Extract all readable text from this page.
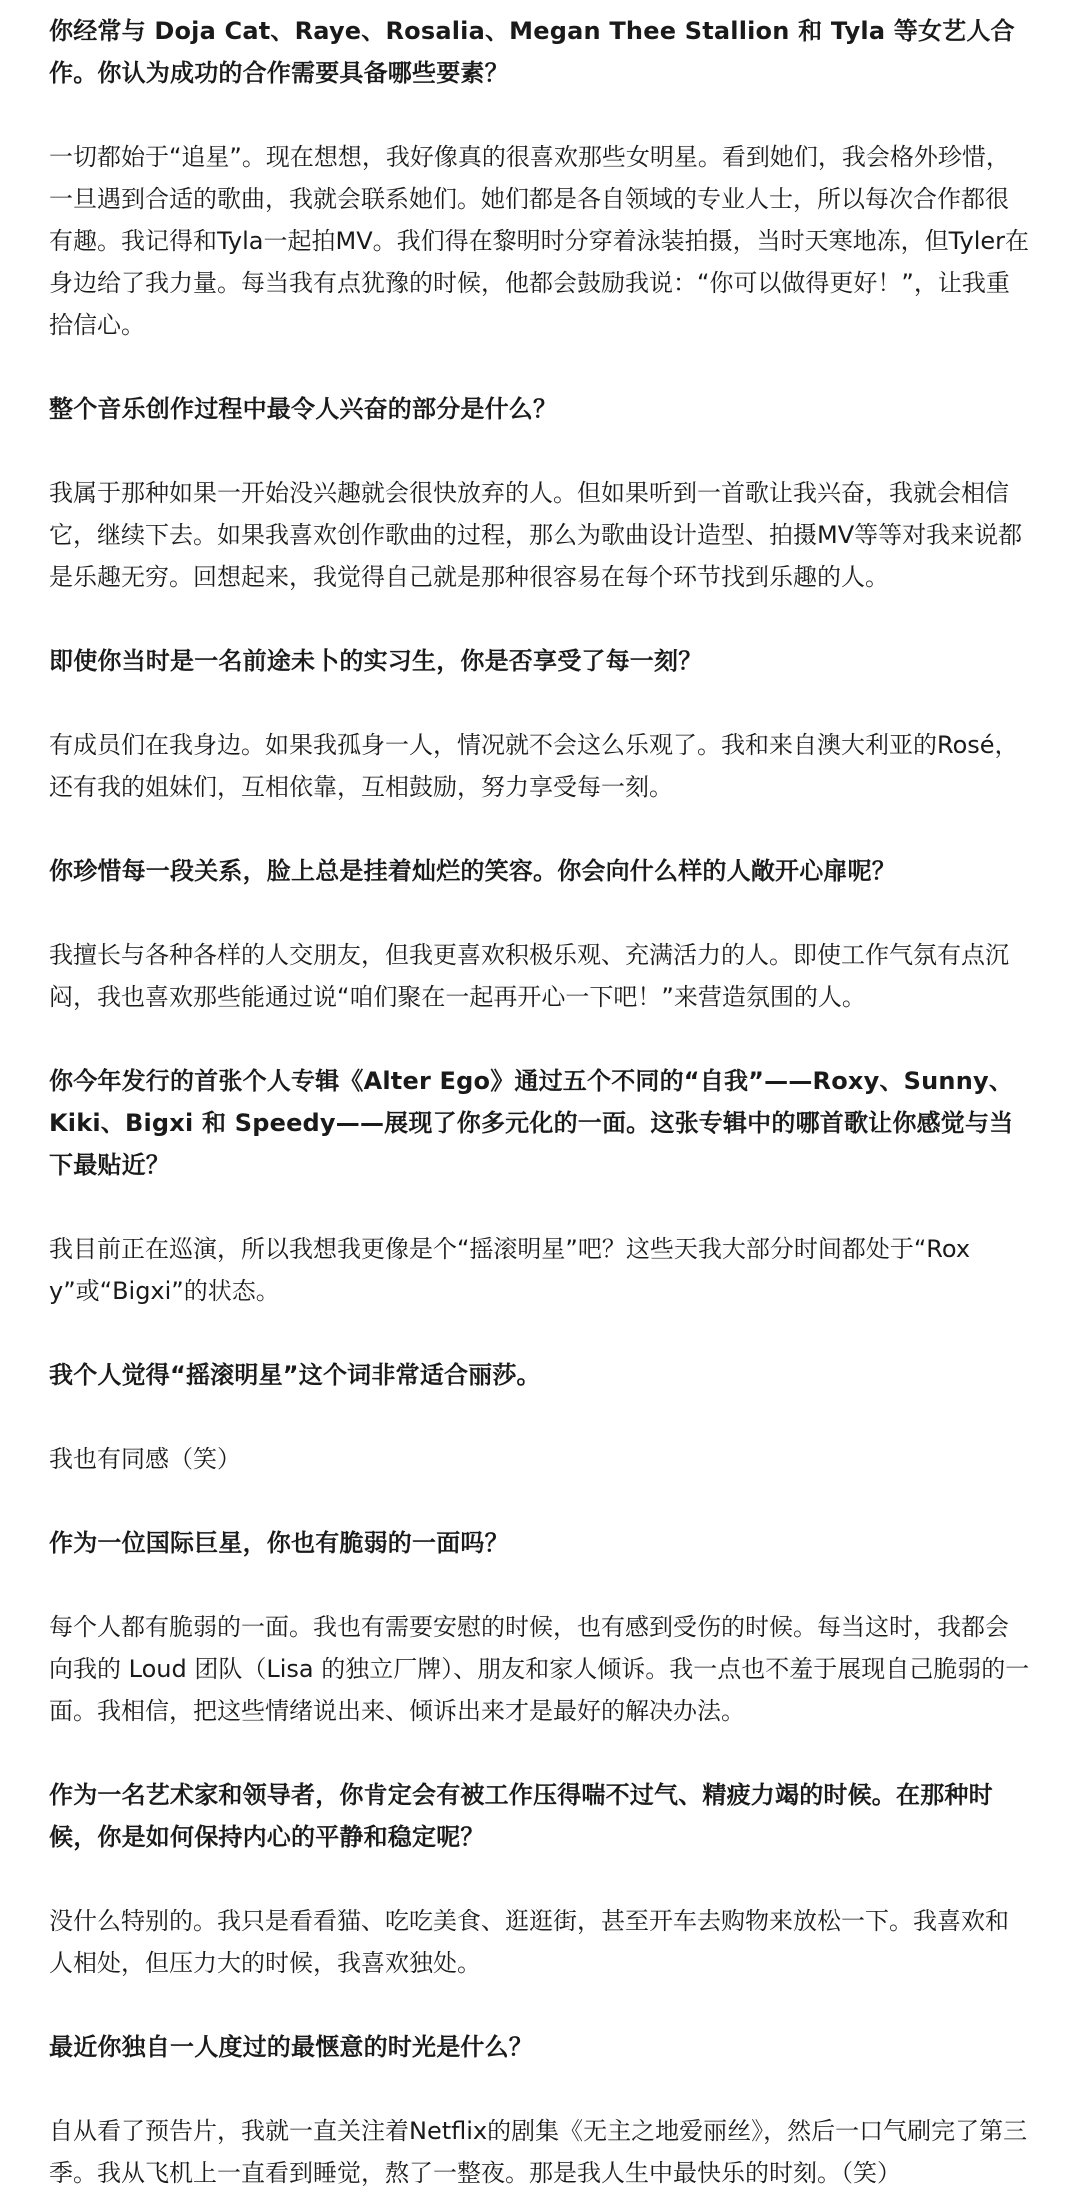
你经常与 Doja Cat、Raye、Rosalia、Megan Thee Stallion 和 Tyla 等女艺人合作。你认为成功的合作需要具备哪些要素？

一切都始于“追星”。现在想想，我好像真的很喜欢那些女明星。看到她们，我会格外珍惜，一旦遇到合适的歌曲，我就会联系她们。她们都是各自领域的专业人士，所以每次合作都很有趣。我记得和Tyla一起拍MV。我们得在黎明时分穿着泳装拍摄，当时天寒地冻，但Tyler在身边给了我力量。每当我有点犹豫的时候，他都会鼓励我说：“你可以做得更好！”，让我重拾信心。

整个音乐创作过程中最令人兴奋的部分是什么？

我属于那种如果一开始没兴趣就会很快放弃的人。但如果听到一首歌让我兴奋，我就会相信它，继续下去。如果我喜欢创作歌曲的过程，那么为歌曲设计造型、拍摄MV等等对我来说都是乐趣无穷。回想起来，我觉得自己就是那种很容易在每个环节找到乐趣的人。

即使你当时是一名前途未卜的实习生，你是否享受了每一刻？

有成员们在我身边。如果我孤身一人，情况就不会这么乐观了。我和来自澳大利亚的Rosé，还有我的姐妹们，互相依靠，互相鼓励，努力享受每一刻。

你珍惜每一段关系，脸上总是挂着灿烂的笑容。你会向什么样的人敞开心扉呢？

我擅长与各种各样的人交朋友，但我更喜欢积极乐观、充满活力的人。即使工作气氛有点沉闷，我也喜欢那些能通过说“咱们聚在一起再开心一下吧！”来营造氛围的人。

你今年发行的首张个人专辑《Alter Ego》通过五个不同的“自我”——Roxy、Sunny、Kiki、Bigxi 和 Speedy——展现了你多元化的一面。这张专辑中的哪首歌让你感觉与当下最贴近？

我目前正在巡演，所以我想我更像是个“摇滚明星”吧？这些天我大部分时间都处于“Roxy”或“Bigxi”的状态。

我个人觉得“摇滚明星”这个词非常适合丽莎。

我也有同感（笑）

作为一位国际巨星，你也有脆弱的一面吗？

每个人都有脆弱的一面。我也有需要安慰的时候，也有感到受伤的时候。每当这时，我都会向我的 Loud 团队（Lisa 的独立厂牌）、朋友和家人倾诉。我一点也不羞于展现自己脆弱的一面。我相信，把这些情绪说出来、倾诉出来才是最好的解决办法。

作为一名艺术家和领导者，你肯定会有被工作压得喘不过气、精疲力竭的时候。在那种时候，你是如何保持内心的平静和稳定呢？

没什么特别的。我只是看看猫、吃吃美食、逛逛街，甚至开车去购物来放松一下。我喜欢和人相处，但压力大的时候，我喜欢独处。

最近你独自一人度过的最惬意的时光是什么？

自从看了预告片，我就一直关注着Netflix的剧集《无主之地爱丽丝》，然后一口气刷完了第三季。我从飞机上一直看到睡觉，熬了一整夜。那是我人生中最快乐的时刻。（笑）
